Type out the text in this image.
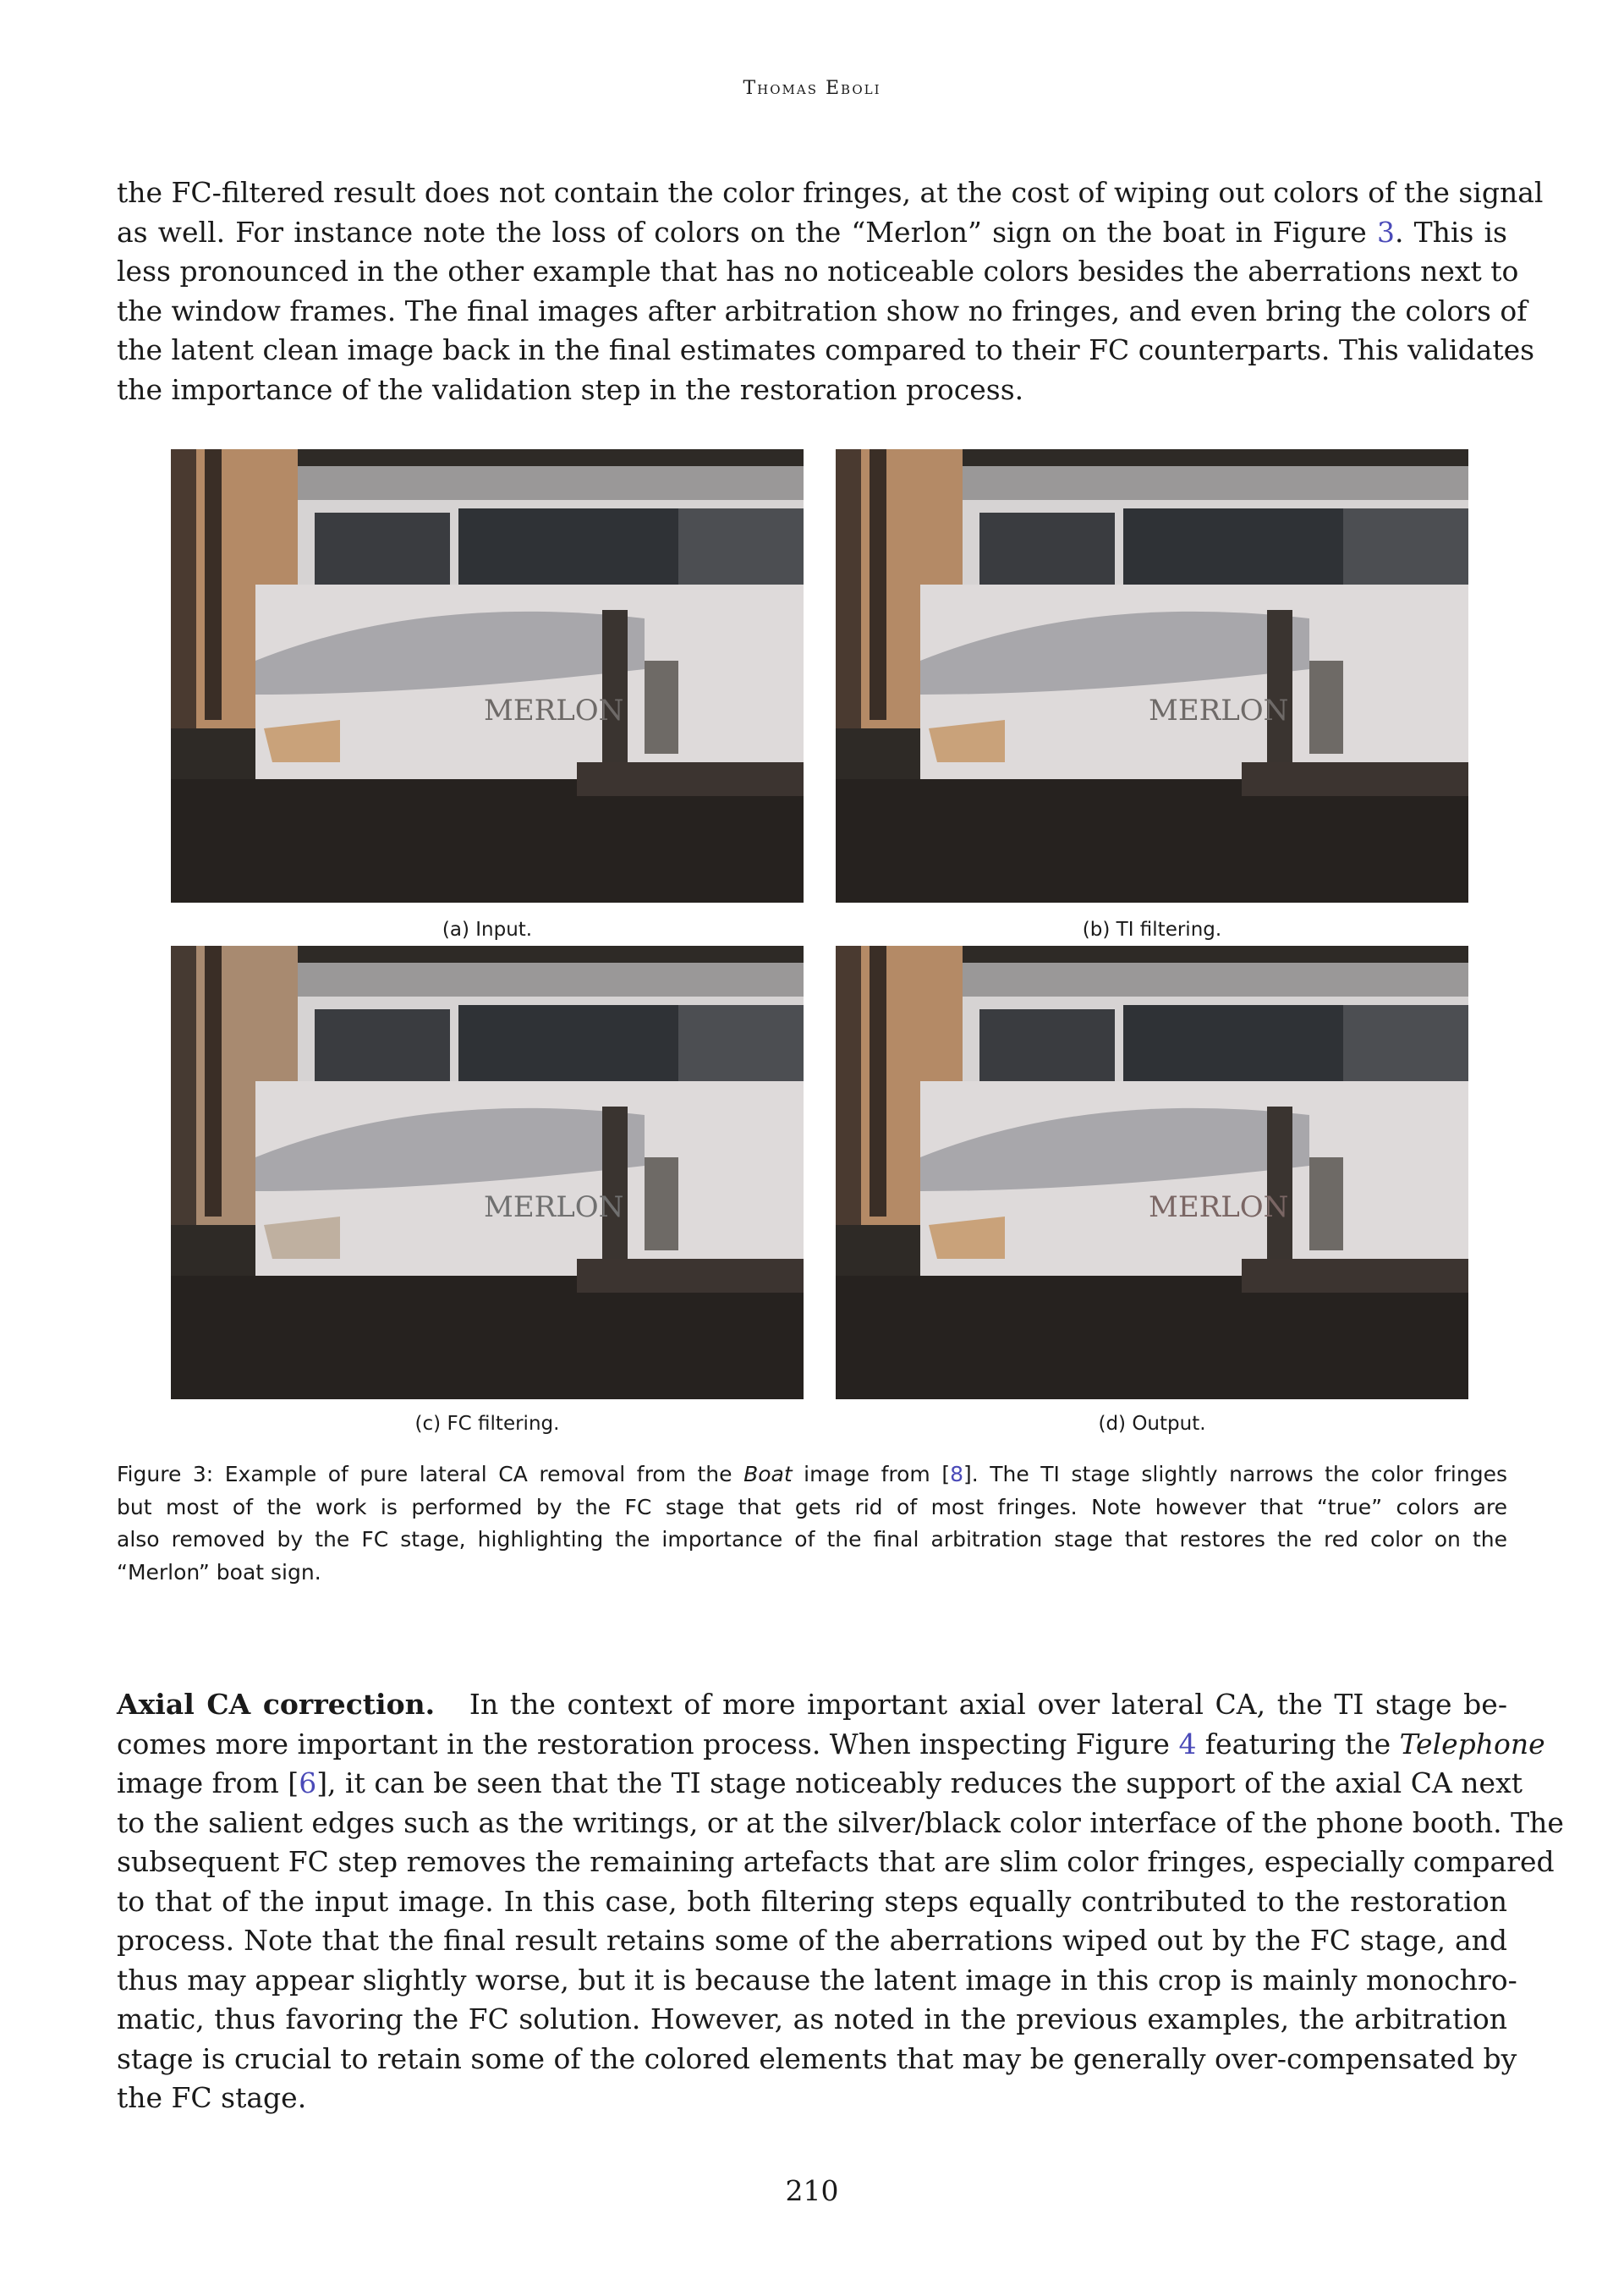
Thomas Eboli

the FC-filtered result does not contain the color fringes, at the cost of wiping out colors of the signal
as well. For instance note the loss of colors on the “Merlon” sign on the boat in Figure 3. This is
less pronounced in the other example that has no noticeable colors besides the aberrations next to
the window frames. The final images after arbitration show no fringes, and even bring the colors of
the latent clean image back in the final estimates compared to their FC counterparts. This validates
the importance of the validation step in the restoration process.

MERLON	MERLON
(a) Input.	(b) TI filtering.
MERLON	MERLON
(c) FC filtering.	(d) Output.

Figure 3: Example of pure lateral CA removal from the Boat image from [8]. The TI stage slightly narrows the color fringes
but most of the work is performed by the FC stage that gets rid of most fringes. Note however that “true” colors are
also removed by the FC stage, highlighting the importance of the final arbitration stage that restores the red color on the
“Merlon” boat sign.

Axial CA correction. In the context of more important axial over lateral CA, the TI stage be-
comes more important in the restoration process. When inspecting Figure 4 featuring the Telephone
image from [6], it can be seen that the TI stage noticeably reduces the support of the axial CA next
to the salient edges such as the writings, or at the silver/black color interface of the phone booth. The
subsequent FC step removes the remaining artefacts that are slim color fringes, especially compared
to that of the input image. In this case, both filtering steps equally contributed to the restoration
process. Note that the final result retains some of the aberrations wiped out by the FC stage, and
thus may appear slightly worse, but it is because the latent image in this crop is mainly monochro-
matic, thus favoring the FC solution. However, as noted in the previous examples, the arbitration
stage is crucial to retain some of the colored elements that may be generally over-compensated by
the FC stage.

210
